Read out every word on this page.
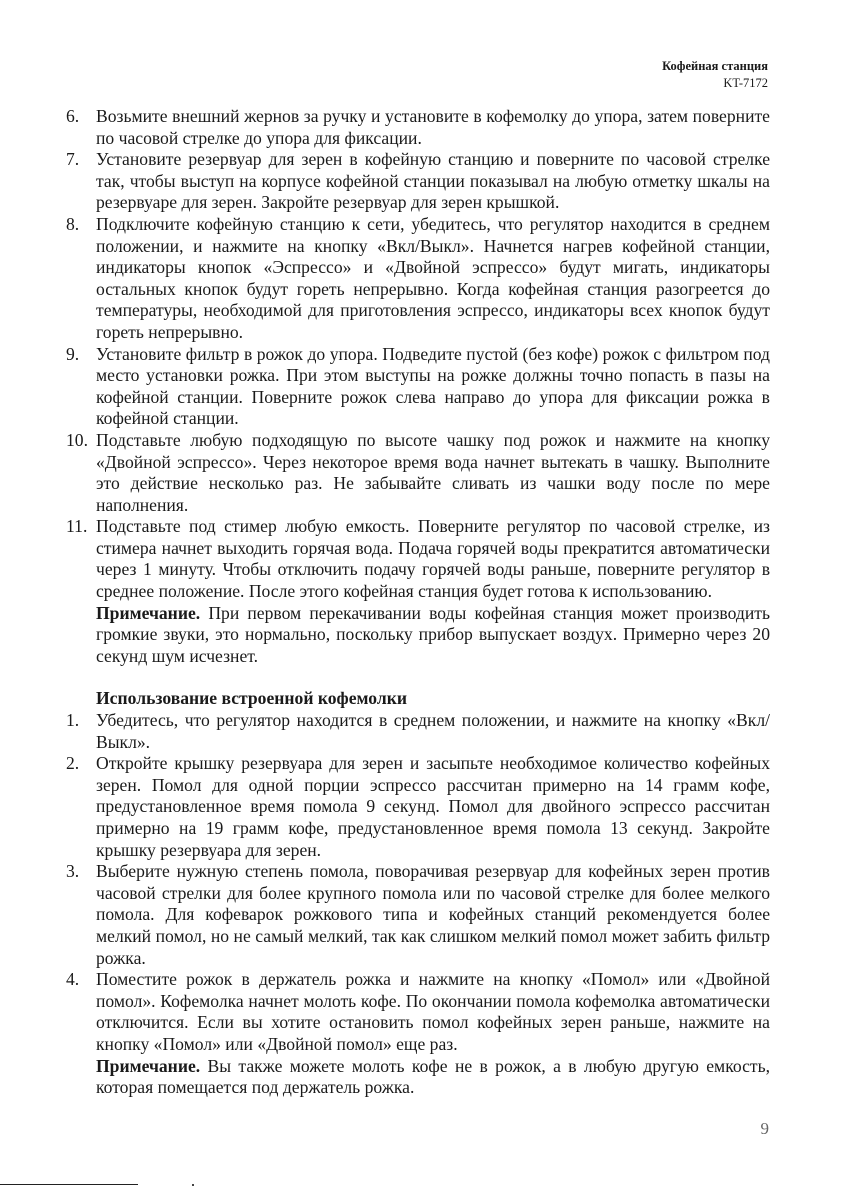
Кофейная станция
KT-7172
6. Возьмите внешний жернов за ручку и установите в кофемолку до упора, затем поверните по часовой стрелке до упора для фиксации.
7. Установите резервуар для зерен в кофейную станцию и поверните по часовой стрелке так, чтобы выступ на корпусе кофейной станции показывал на любую отметку шкалы на резервуаре для зерен. Закройте резервуар для зерен крышкой.
8. Подключите кофейную станцию к сети, убедитесь, что регулятор находится в среднем положении, и нажмите на кнопку «Вкл/Выкл». Начнется нагрев кофейной станции, индикаторы кнопок «Эспрессо» и «Двойной эспрессо» будут мигать, индикаторы остальных кнопок будут гореть непрерывно. Когда кофейная станция разогреется до температуры, необходимой для приготовления эспрессо, индикаторы всех кнопок будут гореть непрерывно.
9. Установите фильтр в рожок до упора. Подведите пустой (без кофе) рожок с фильтром под место установки рожка. При этом выступы на рожке должны точно попасть в пазы на кофейной станции. Поверните рожок слева направо до упора для фиксации рожка в кофейной станции.
10. Подставьте любую подходящую по высоте чашку под рожок и нажмите на кнопку «Двойной эспрессо». Через некоторое время вода начнет вытекать в чашку. Выполните это действие несколько раз. Не забывайте сливать из чашки воду после по мере наполнения.
11. Подставьте под стимер любую емкость. Поверните регулятор по часовой стрелке, из стимера начнет выходить горячая вода. Подача горячей воды прекратится автоматически через 1 минуту. Чтобы отключить подачу горячей воды раньше, поверните регулятор в среднее положение. После этого кофейная станция будет готова к использованию.
Примечание. При первом перекачивании воды кофейная станция может производить громкие звуки, это нормально, поскольку прибор выпускает воздух. Примерно через 20 секунд шум исчезнет.
Использование встроенной кофемолки
1. Убедитесь, что регулятор находится в среднем положении, и нажмите на кнопку «Вкл/Выкл».
2. Откройте крышку резервуара для зерен и засыпьте необходимое количество кофейных зерен. Помол для одной порции эспрессо рассчитан примерно на 14 грамм кофе, предустановленное время помола 9 секунд. Помол для двойного эспрессо рассчитан примерно на 19 грамм кофе, предустановленное время помола 13 секунд. Закройте крышку резервуара для зерен.
3. Выберите нужную степень помола, поворачивая резервуар для кофейных зерен против часовой стрелки для более крупного помола или по часовой стрелке для более мелкого помола. Для кофеварок рожкового типа и кофейных станций рекомендуется более мелкий помол, но не самый мелкий, так как слишком мелкий помол может забить фильтр рожка.
4. Поместите рожок в держатель рожка и нажмите на кнопку «Помол» или «Двойной помол». Кофемолка начнет молоть кофе. По окончании помола кофемолка автоматически отключится. Если вы хотите остановить помол кофейных зерен раньше, нажмите на кнопку «Помол» или «Двойной помол» еще раз.
Примечание. Вы также можете молоть кофе не в рожок, а в любую другую емкость, которая помещается под держатель рожка.
9
